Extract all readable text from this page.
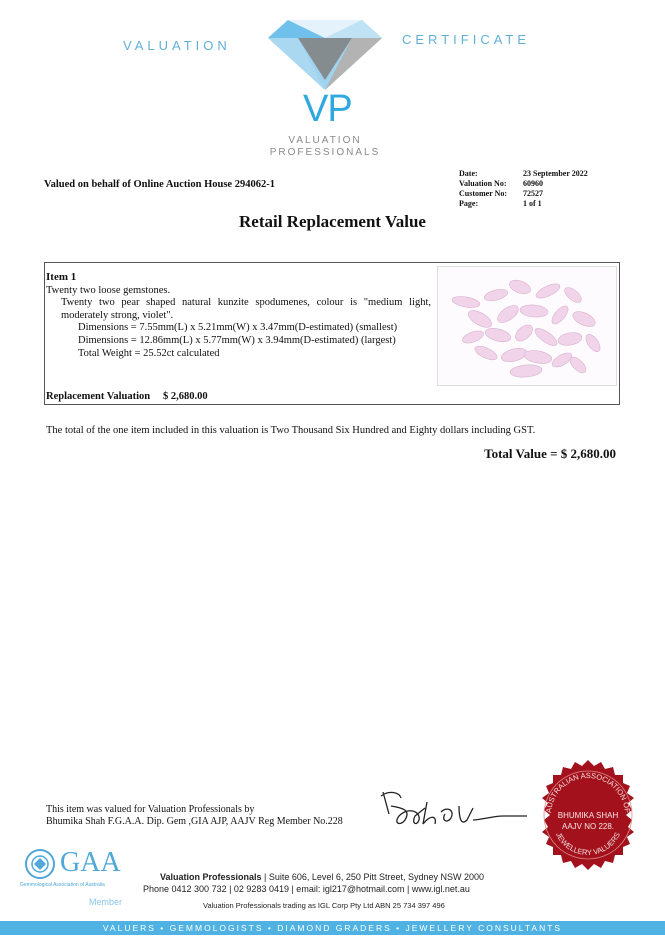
VALUATION	CERTIFICATE
VP
VALUATION
PROFESSIONALS
Valued on behalf of Online Auction House 294062-1
Date:	23 September 2022
Valuation No:	60960
Customer No:	72527
Page:	1 of 1
Retail Replacement Value
Item 1
Twenty two loose gemstones.
Twenty two pear shaped natural kunzite spodumenes, colour is "medium light, moderately strong, violet".
Dimensions = 7.55mm(L) x 5.21mm(W) x 3.47mm(D-estimated) (smallest)
Dimensions = 12.86mm(L) x 5.77mm(W) x 3.94mm(D-estimated) (largest)
Total Weight = 25.52ct calculated
Replacement Valuation $ 2,680.00
The total of the one item included in this valuation is Two Thousand Six Hundred and Eighty dollars including GST.
Total Value = $ 2,680.00
This item was valued for Valuation Professionals by
Bhumika Shah F.G.A.A. Dip. Gem ,GIA AJP, AAJV Reg Member No.228
AUSTRALIAN ASSOCIATION OF
JEWELLERY VALUERS
BHUMIKA SHAH
AAJV NO 228.
GAA
Gemmological Association of Australia
Member
Valuation Professionals | Suite 606, Level 6, 250 Pitt Street, Sydney NSW 2000
Phone 0412 300 732 | 02 9283 0419 | email: igl217@hotmail.com | www.igl.net.au
Valuation Professionals trading as IGL Corp Pty Ltd ABN 25 734 397 496
VALUERS • GEMMOLOGISTS • DIAMOND GRADERS • JEWELLERY CONSULTANTS
